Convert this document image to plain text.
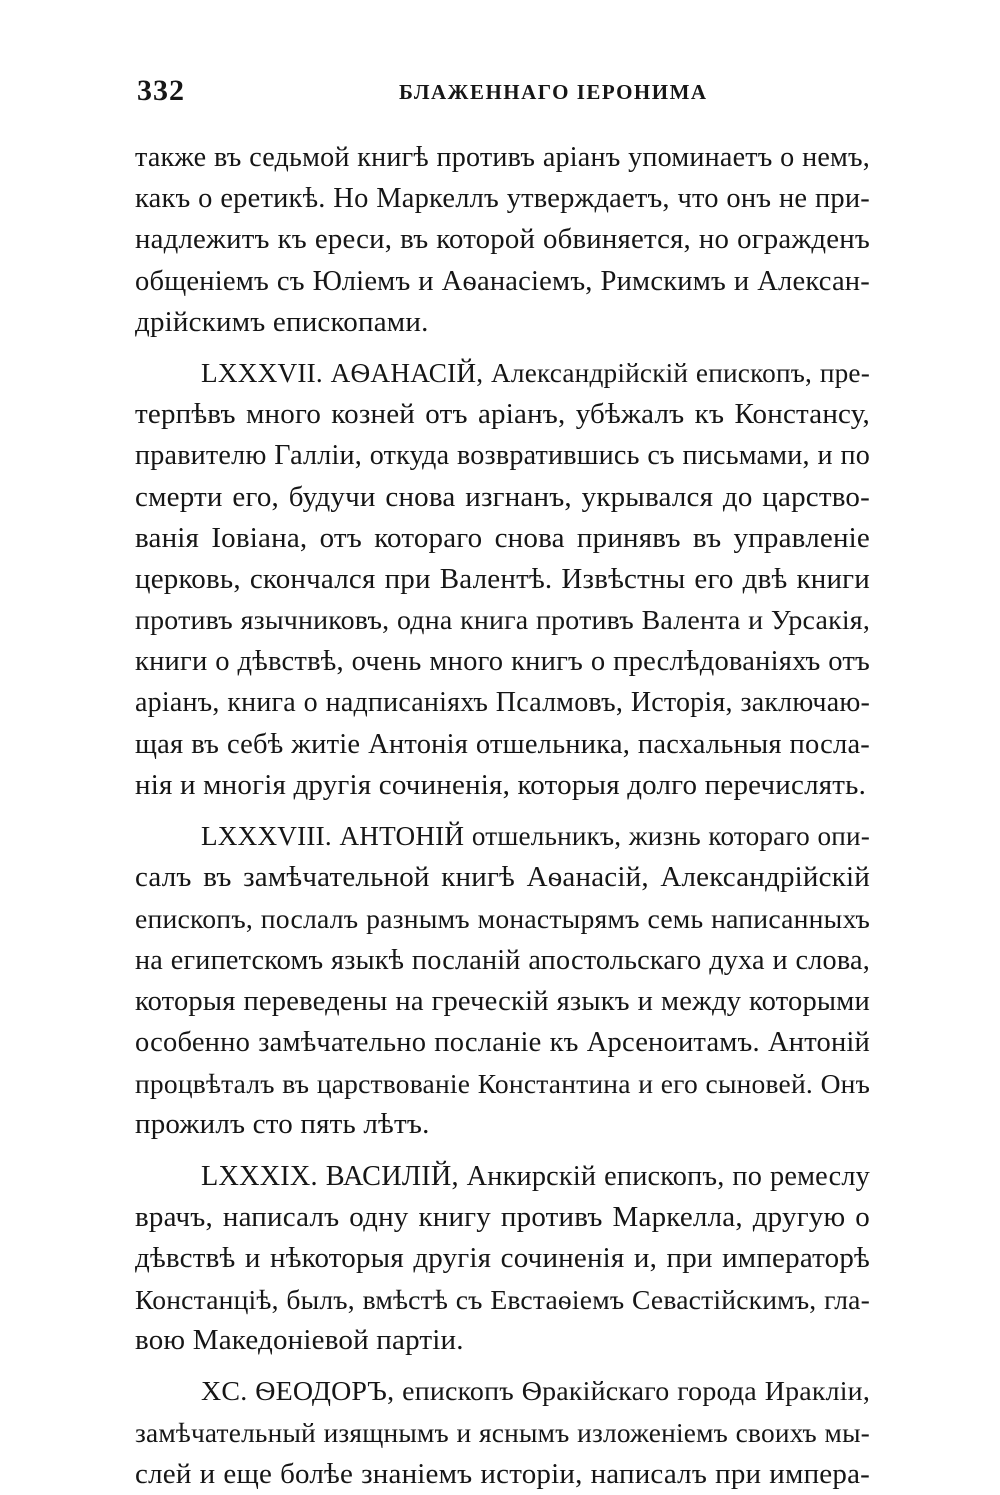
332	БЛАЖЕННАГО ІЕРОНИМА
также въ седьмой книгѣ противъ аріанъ упоминаетъ о немъ,
какъ о еретикѣ. Но Маркеллъ утверждаетъ, что онъ не при-
надлежитъ къ ереси, въ которой обвиняется, но огражденъ
общеніемъ съ Юліемъ и Аѳанасіемъ, Римскимъ и Алексан-
дрійскимъ епископами.
LXXXVII. АѲАНАСІЙ, Александрійскій епископъ, пре-
терпѣвъ много козней отъ аріанъ, убѣжалъ къ Констансу,
правителю Галліи, откуда возвратившись съ письмами, и по
смерти его, будучи снова изгнанъ, укрывался до царство-
ванія Іовіана, отъ котораго снова принявъ въ управленіе
церковь, скончался при Валентѣ. Извѣстны его двѣ книги
противъ язычниковъ, одна книга противъ Валента и Урсакія,
книги о дѣвствѣ, очень много книгъ о преслѣдованіяхъ отъ
аріанъ, книга о надписаніяхъ Псалмовъ, Исторія, заключаю-
щая въ себѣ житіе Антонія отшельника, пасхальныя посла-
нія и многія другія сочиненія, которыя долго перечислять.
LXXXVIII. АНТОНІЙ отшельникъ, жизнь котораго опи-
салъ въ замѣчательной книгѣ Аѳанасій, Александрійскій
епископъ, послалъ разнымъ монастырямъ семь написанныхъ
на египетскомъ языкѣ посланій апостольскаго духа и слова,
которыя переведены на греческій языкъ и между которыми
особенно замѣчательно посланіе къ Арсеноитамъ. Антоній
процвѣталъ въ царствованіе Константина и его сыновей. Онъ
прожилъ сто пять лѣтъ.
LXXXIX. ВАСИЛІЙ, Анкирскій епископъ, по ремеслу
врачъ, написалъ одну книгу противъ Маркелла, другую о
дѣвствѣ и нѣкоторыя другія сочиненія и, при императорѣ
Констанціѣ, былъ, вмѣстѣ съ Евстаѳіемъ Севастійскимъ, гла-
вою Македоніевой партіи.
XC. ѲЕОДОРЪ, епископъ Ѳракійскаго города Иракліи,
замѣчательный изящнымъ и яснымъ изложеніемъ своихъ мы-
слей и еще болѣе знаніемъ исторіи, написалъ при импера-
